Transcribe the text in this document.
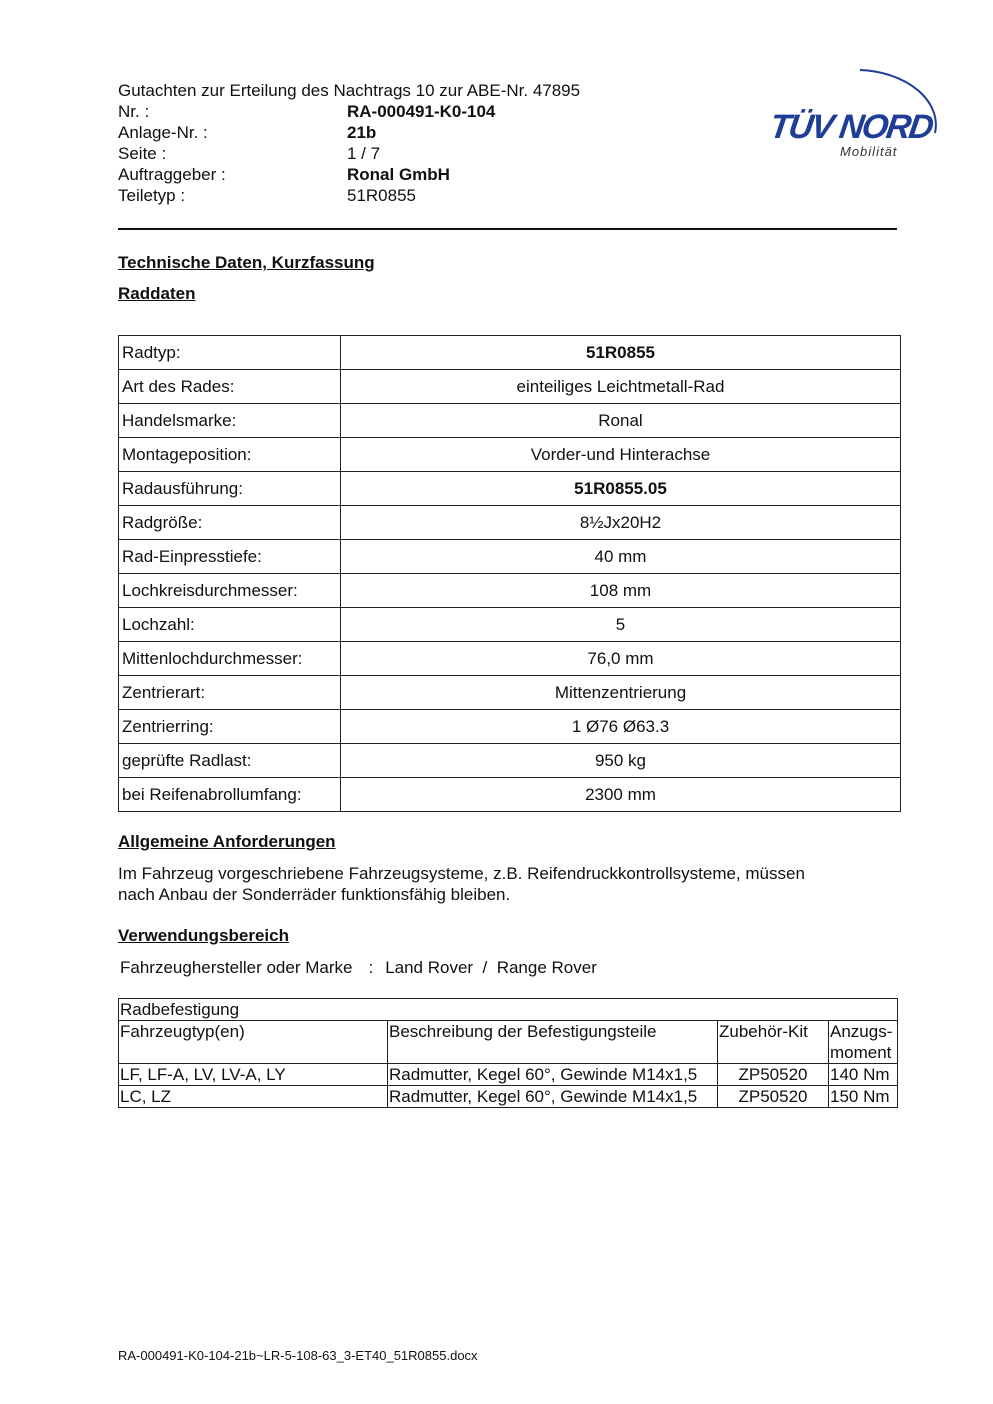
Gutachten zur Erteilung des Nachtrags 10 zur ABE-Nr. 47895
Nr. :	RA-000491-K0-104
Anlage-Nr. :	21b
Seite :	1 / 7
Auftraggeber :	Ronal GmbH
Teiletyp :	51R0855
TÜV NORD
Mobilität
Technische Daten, Kurzfassung
Raddaten
Radtyp:	51R0855
Art des Rades:	einteiliges Leichtmetall-Rad
Handelsmarke:	Ronal
Montageposition:	Vorder-und Hinterachse
Radausführung:	51R0855.05
Radgröße:	8½Jx20H2
Rad-Einpresstiefe:	40 mm
Lochkreisdurchmesser:	108 mm
Lochzahl:	5
Mittenlochdurchmesser:	76,0 mm
Zentrierart:	Mittenzentrierung
Zentrierring:	1 Ø76 Ø63.3
geprüfte Radlast:	950 kg
bei Reifenabrollumfang:	2300 mm
Allgemeine Anforderungen
Im Fahrzeug vorgeschriebene Fahrzeugsysteme, z.B. Reifendruckkontrollsysteme, müssen
nach Anbau der Sonderräder funktionsfähig bleiben.
Verwendungsbereich
Fahrzeughersteller oder Marke : Land Rover  /  Range Rover
Radbefestigung			
Fahrzeugtyp(en)	Beschreibung der Befestigungsteile	Zubehör-Kit	Anzugs-moment
LF, LF-A, LV, LV-A, LY	Radmutter, Kegel 60°, Gewinde M14x1,5	ZP50520	140 Nm
LC, LZ	Radmutter, Kegel 60°, Gewinde M14x1,5	ZP50520	150 Nm
RA-000491-K0-104-21b~LR-5-108-63_3-ET40_51R0855.docx
